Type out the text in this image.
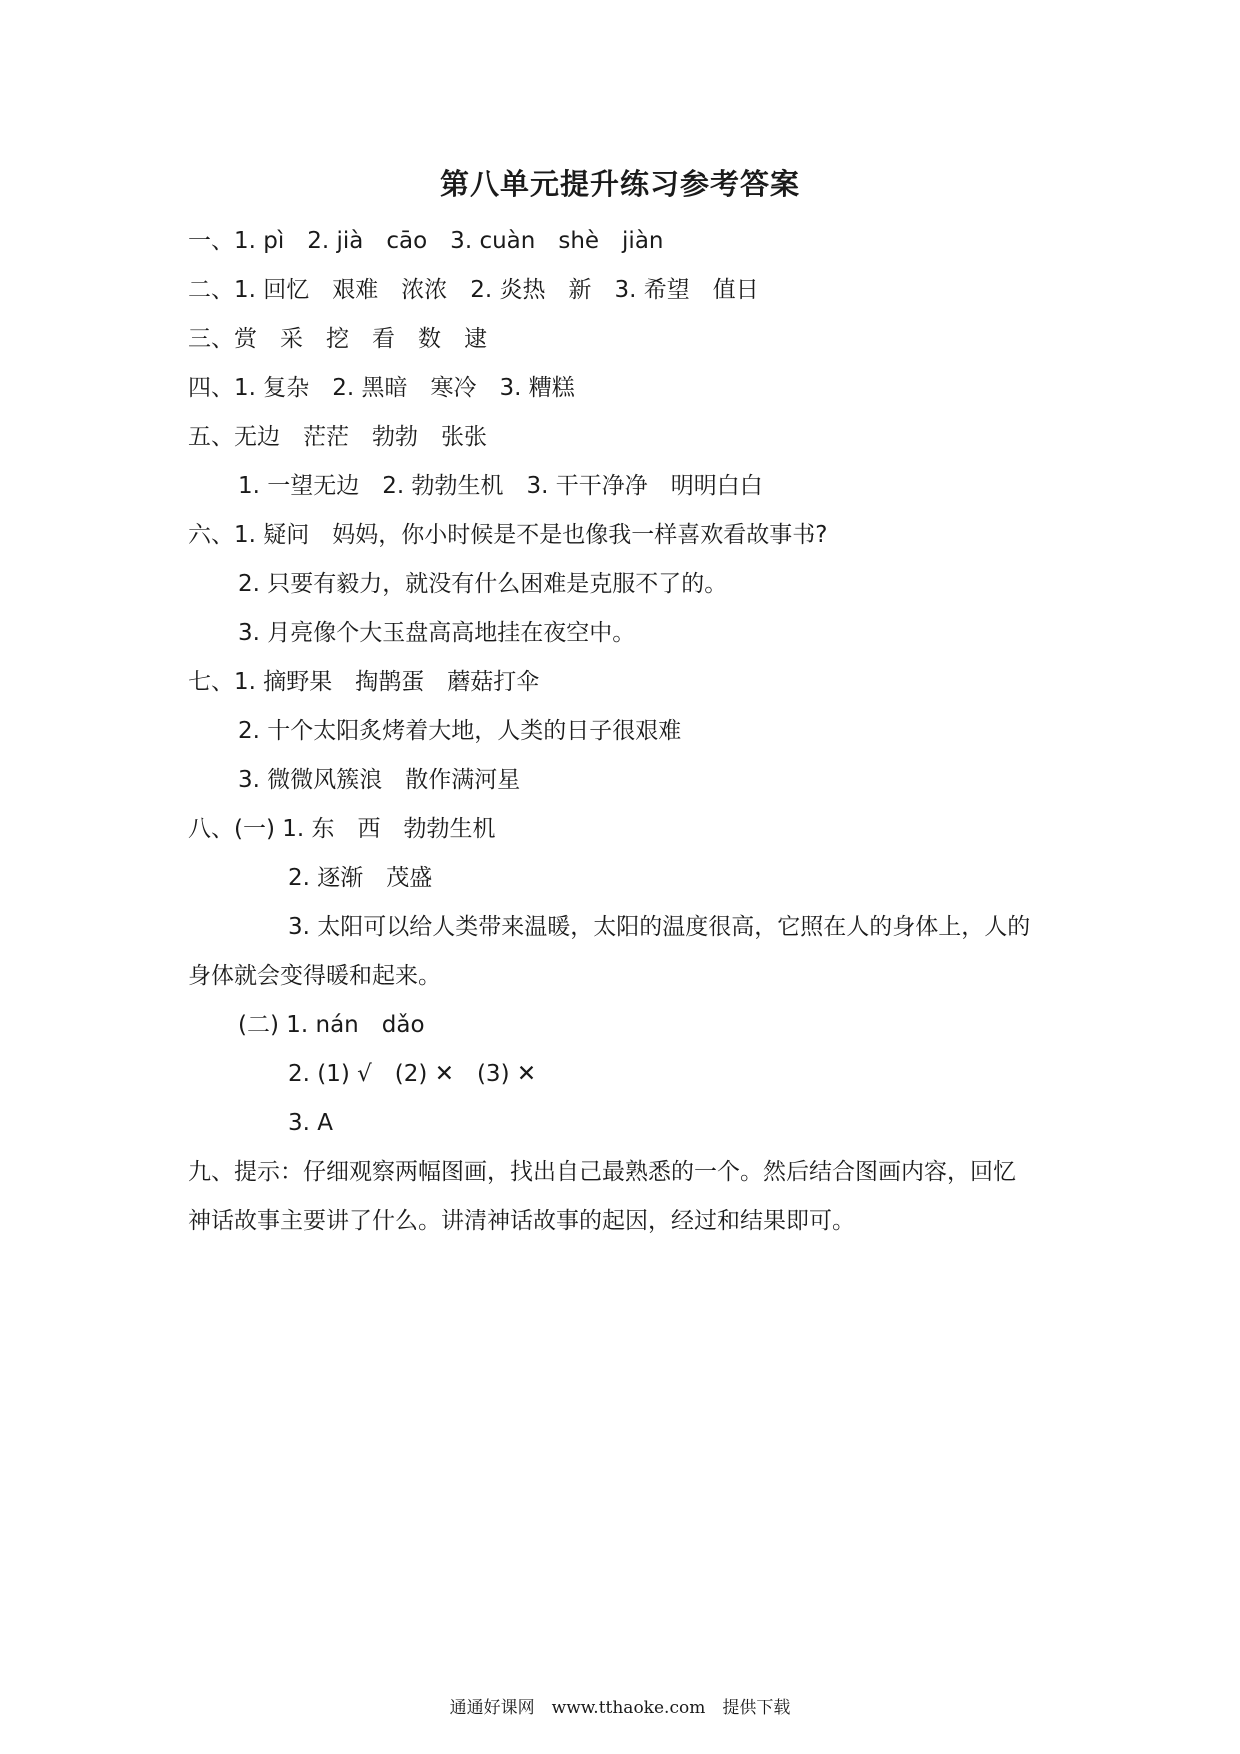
第八单元提升练习参考答案
一、1. pì　2. jià　cāo　3. cuàn　shè　jiàn
二、1. 回忆　艰难　浓浓　2. 炎热　新　3. 希望　值日
三、赏　采　挖　看　数　逮
四、1. 复杂　2. 黑暗　寒冷　3. 糟糕
五、无边　茫茫　勃勃　张张
1. 一望无边　2. 勃勃生机　3. 干干净净　明明白白
六、1. 疑问　妈妈，你小时候是不是也像我一样喜欢看故事书?
2. 只要有毅力，就没有什么困难是克服不了的。
3. 月亮像个大玉盘高高地挂在夜空中。
七、1. 摘野果　掏鹊蛋　蘑菇打伞
2. 十个太阳炙烤着大地，人类的日子很艰难
3. 微微风簇浪　散作满河星
八、(一) 1. 东　西　勃勃生机
2. 逐渐　茂盛
3. 太阳可以给人类带来温暖，太阳的温度很高，它照在人的身体上，人的
身体就会变得暖和起来。
(二) 1. nán　dǎo
2. (1) √　(2) ✕　(3) ✕
3. A
九、提示：仔细观察两幅图画，找出自己最熟悉的一个。然后结合图画内容，回忆
神话故事主要讲了什么。讲清神话故事的起因，经过和结果即可。
通通好课网　www.tthaoke.com　提供下载
